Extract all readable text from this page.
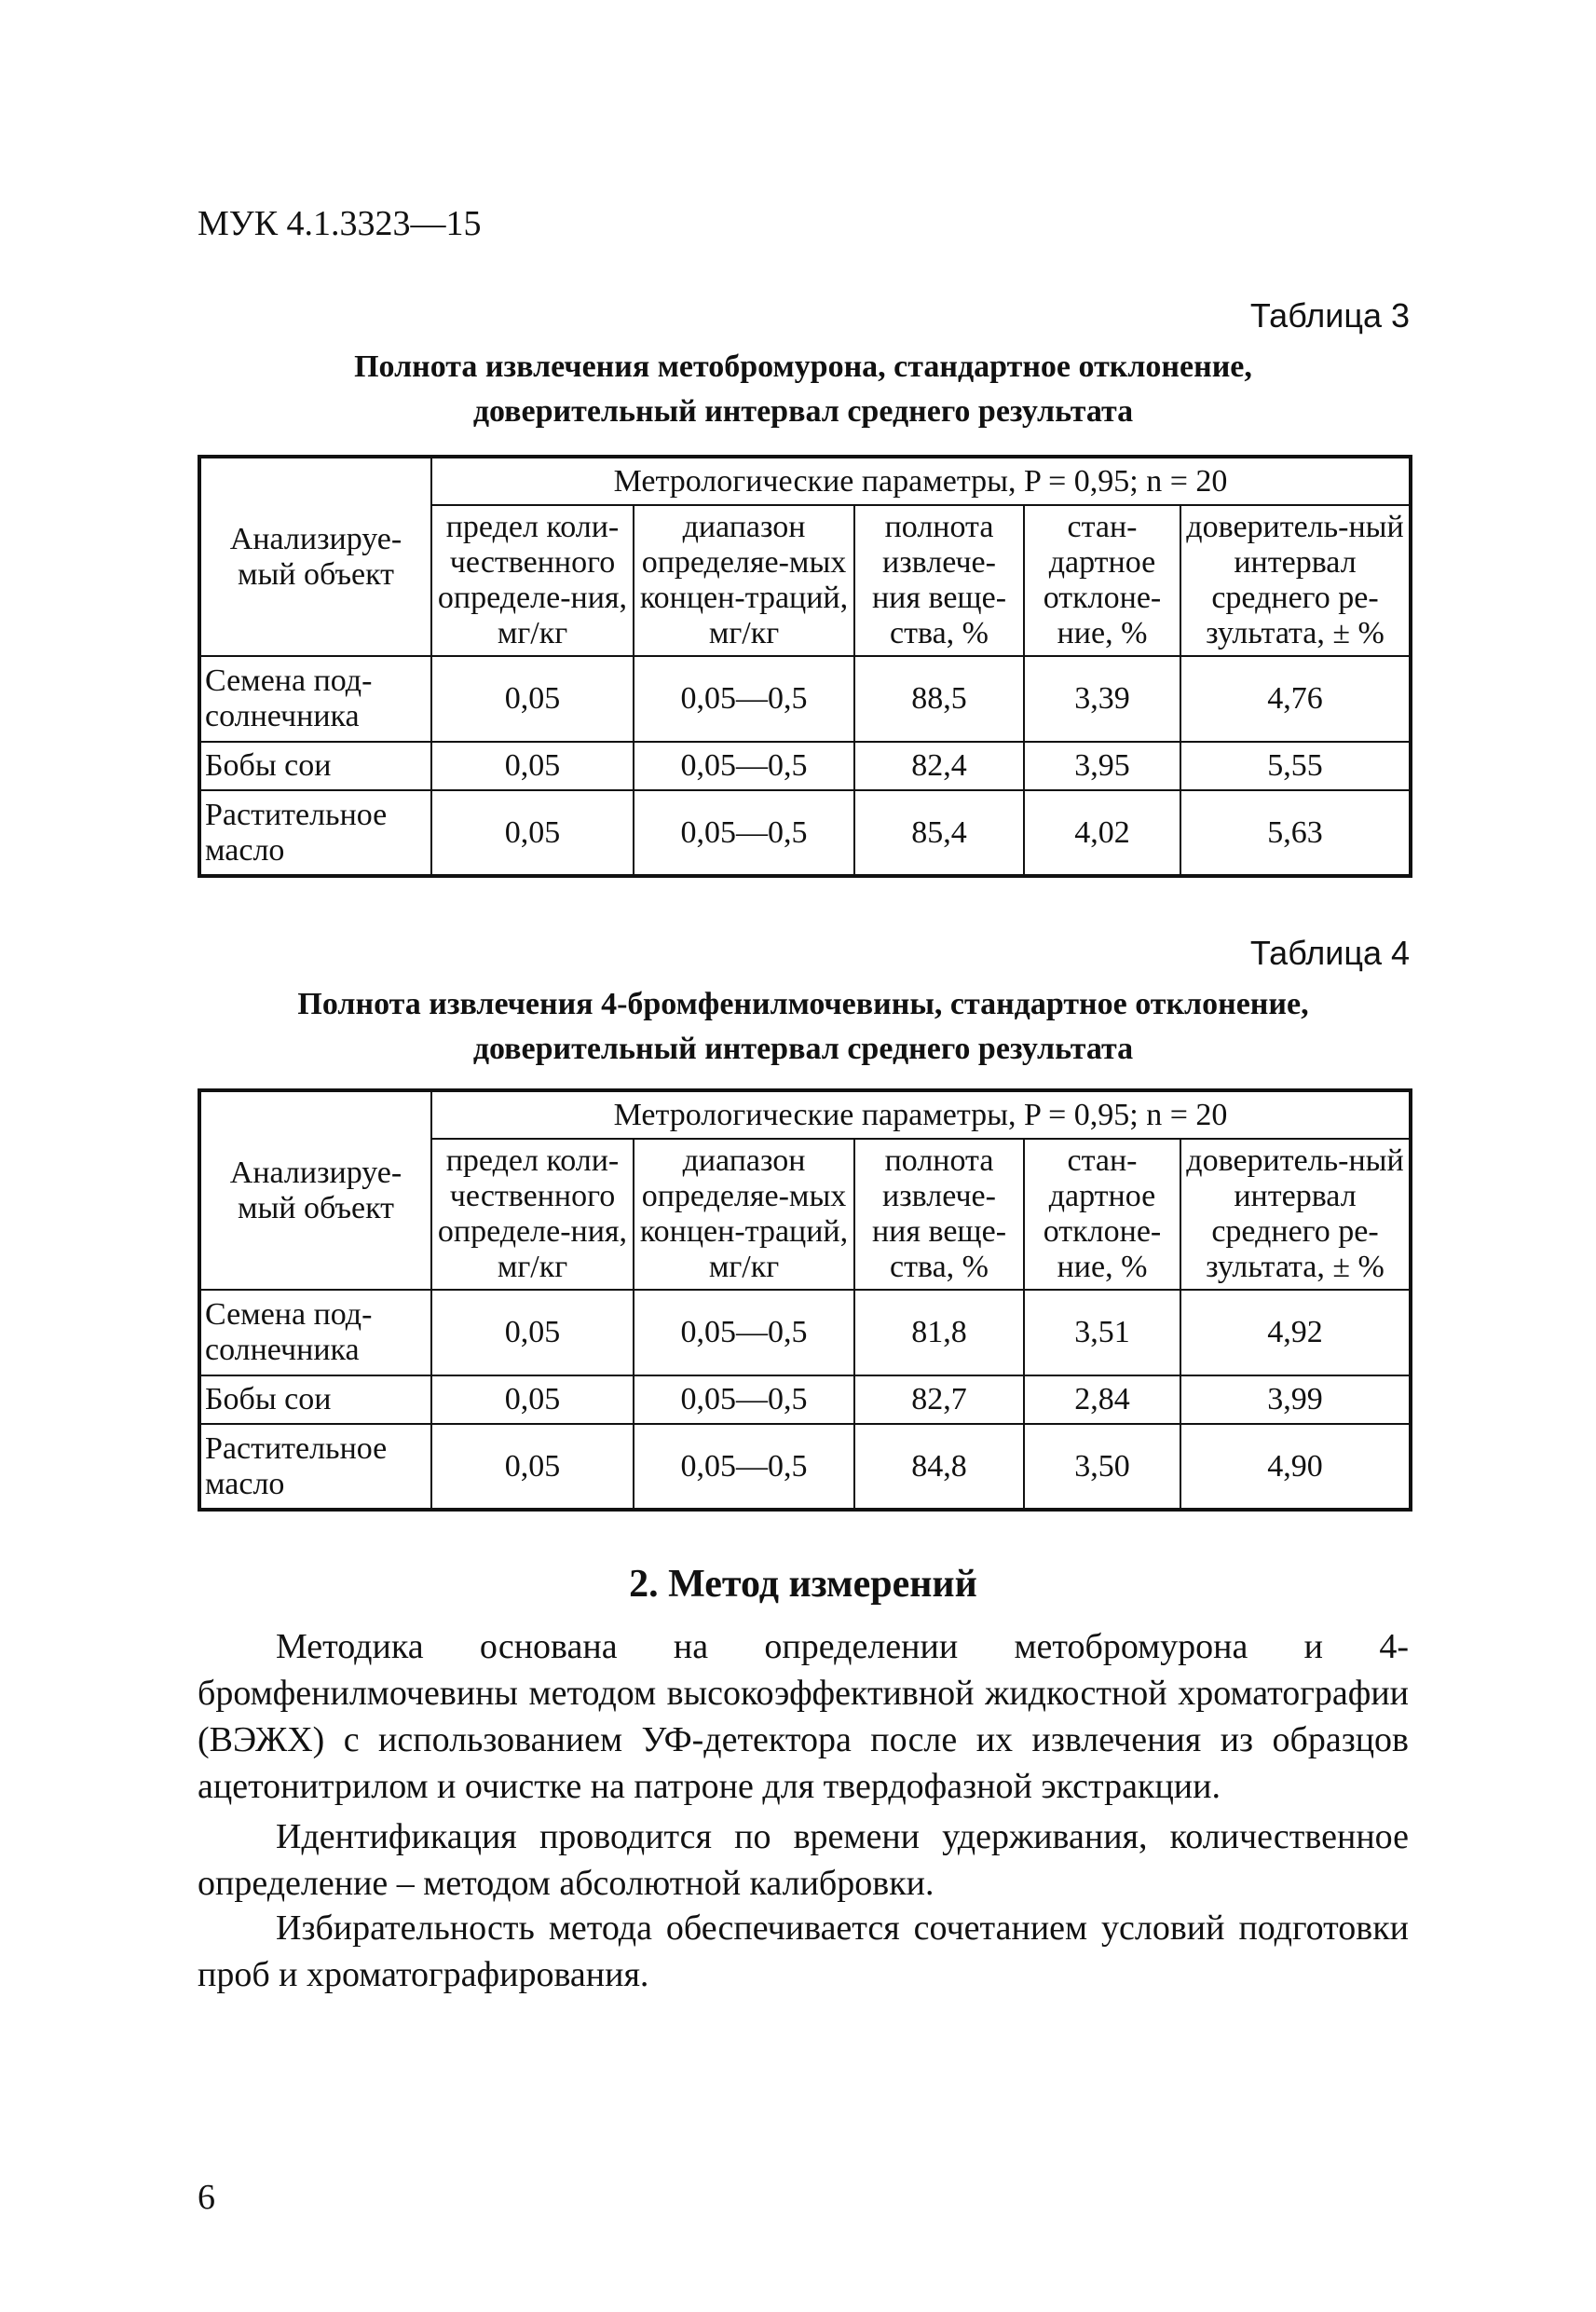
МУК 4.1.3323—15
Таблица 3
Полнота извлечения метобромурона, стандартное отклонение,
доверительный интервал среднего результата
Анализируе-мый объект	Метрологические параметры, P = 0,95; n = 20				
	предел коли-чественного определе-ния, мг/кг	диапазон определяе-мых концен-траций, мг/кг	полнота извлече-ния веще-ства, %	стан-дартное отклоне-ние, %	доверитель-ный интервал среднего ре-зультата, ± %
Семена под-солнечника	0,05	0,05—0,5	88,5	3,39	4,76
Бобы сои	0,05	0,05—0,5	82,4	3,95	5,55
Растительное масло	0,05	0,05—0,5	85,4	4,02	5,63
Таблица 4
Полнота извлечения 4-бромфенилмочевины, стандартное отклонение,
доверительный интервал среднего результата
Анализируе-мый объект	Метрологические параметры, P = 0,95; n = 20				
	предел коли-чественного определе-ния, мг/кг	диапазон определяе-мых концен-траций, мг/кг	полнота извлече-ния веще-ства, %	стан-дартное отклоне-ние, %	доверитель-ный интервал среднего ре-зультата, ± %
Семена под-солнечника	0,05	0,05—0,5	81,8	3,51	4,92
Бобы сои	0,05	0,05—0,5	82,7	2,84	3,99
Растительное масло	0,05	0,05—0,5	84,8	3,50	4,90
2. Метод измерений
Методика основана на определении метобромурона и 4-бромфенилмочевины методом высокоэффективной жидкостной хроматографии (ВЭЖХ) с использованием УФ-детектора после их извлечения из образцов ацетонитрилом и очистке на патроне для твердофазной экстракции.
Идентификация проводится по времени удерживания, количественное определение – методом абсолютной калибровки.
Избирательность метода обеспечивается сочетанием условий подготовки проб и хроматографирования.
6
